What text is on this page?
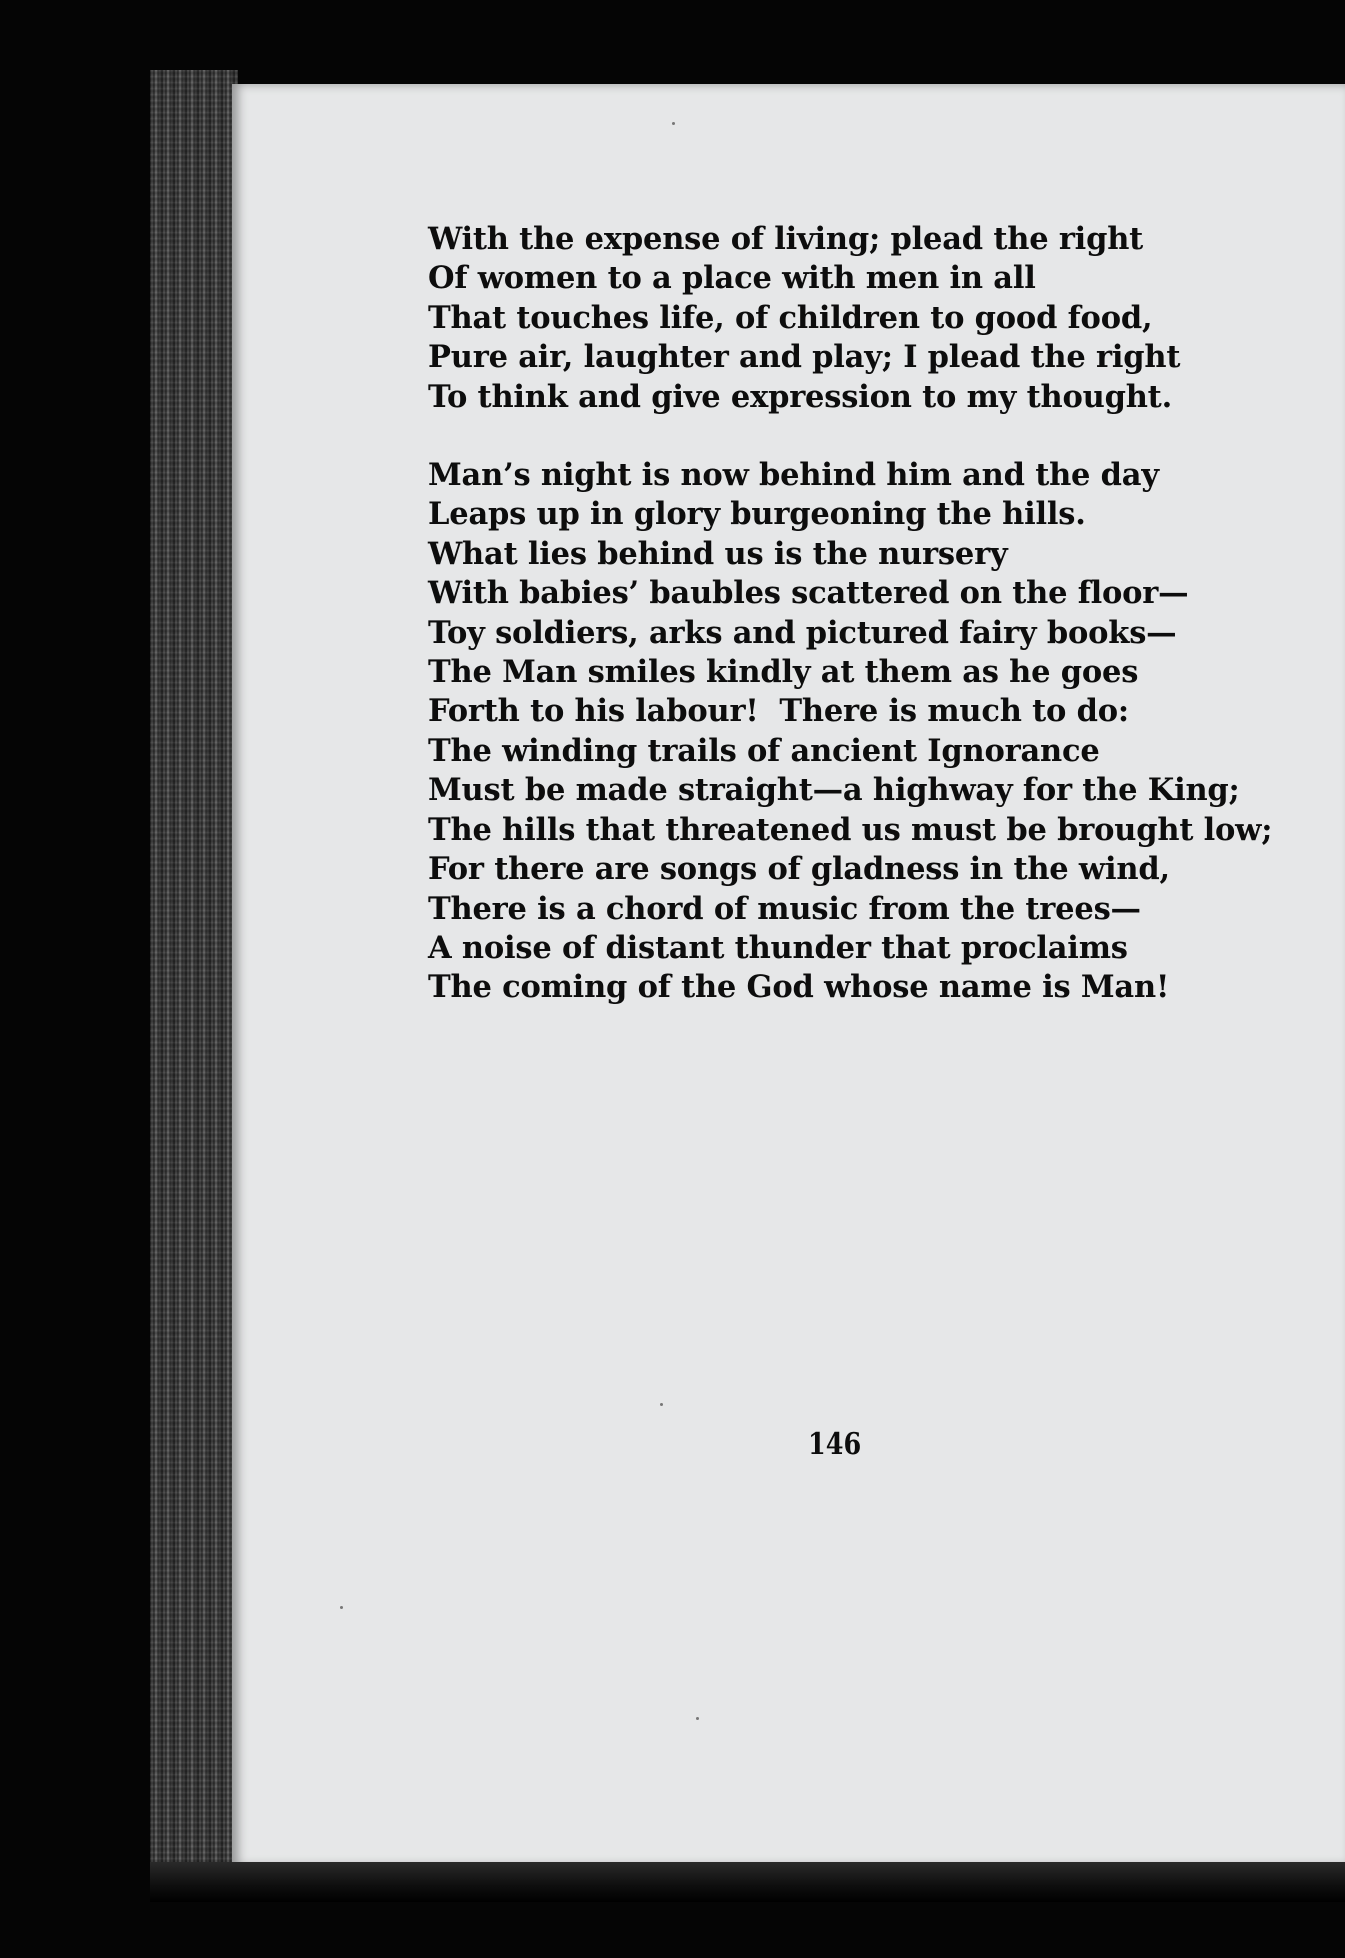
With the expense of living; plead the right
Of women to a place with men in all
That touches life, of children to good food,
Pure air, laughter and play; I plead the right
To think and give expression to my thought.
Man’s night is now behind him and the day
Leaps up in glory burgeoning the hills.
What lies behind us is the nursery
With babies’ baubles scattered on the floor—
Toy soldiers, arks and pictured fairy books—
The Man smiles kindly at them as he goes
Forth to his labour!  There is much to do:
The winding trails of ancient Ignorance
Must be made straight—a highway for the King;
The hills that threatened us must be brought low;
For there are songs of gladness in the wind,
There is a chord of music from the trees—
A noise of distant thunder that proclaims
The coming of the God whose name is Man!
146
